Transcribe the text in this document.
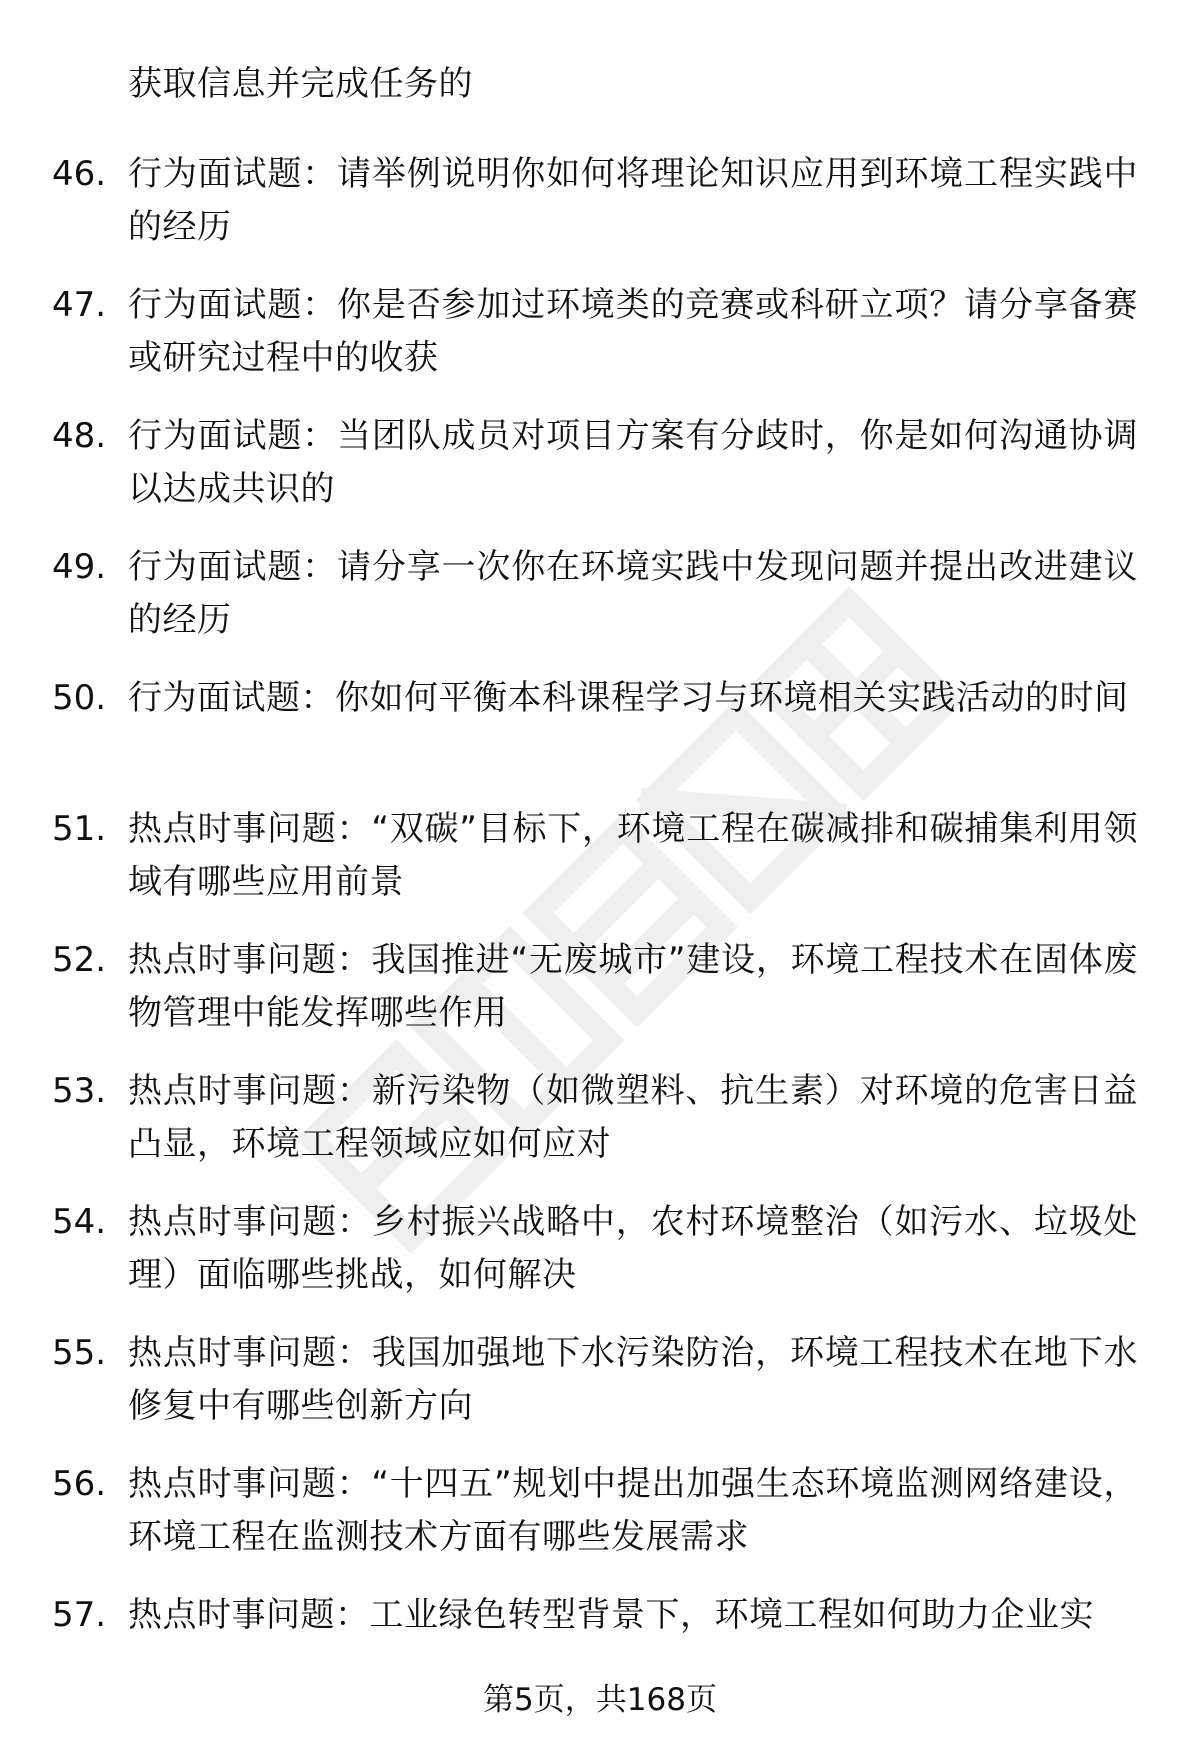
获取信息并完成任务的
46. 行为面试题：请举例说明你如何将理论知识应用到环境工程实践中的经历
47. 行为面试题：你是否参加过环境类的竞赛或科研立项？请分享备赛或研究过程中的收获
48. 行为面试题：当团队成员对项目方案有分歧时，你是如何沟通协调以达成共识的
49. 行为面试题：请分享一次你在环境实践中发现问题并提出改进建议的经历
50. 行为面试题：你如何平衡本科课程学习与环境相关实践活动的时间
51. 热点时事问题：“双碳”目标下，环境工程在碳减排和碳捕集利用领域有哪些应用前景
52. 热点时事问题：我国推进“无废城市”建设，环境工程技术在固体废物管理中能发挥哪些作用
53. 热点时事问题：新污染物（如微塑料、抗生素）对环境的危害日益凸显，环境工程领域应如何应对
54. 热点时事问题：乡村振兴战略中，农村环境整治（如污水、垃圾处理）面临哪些挑战，如何解决
55. 热点时事问题：我国加强地下水污染防治，环境工程技术在地下水修复中有哪些创新方向
56. 热点时事问题：“十四五”规划中提出加强生态环境监测网络建设，环境工程在监测技术方面有哪些发展需求
57. 热点时事问题：工业绿色转型背景下，环境工程如何助力企业实
第5页，共168页
